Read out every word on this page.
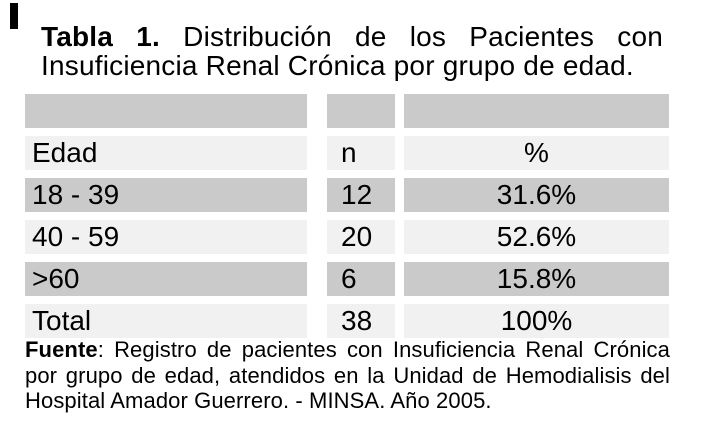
Tabla 1. Distribución de los Pacientes con
Insuficiencia Renal Crónica por grupo de edad.
Edad	n	%
18 - 39	12	31.6%
40 - 59	20	52.6%
>60	6	15.8%
Total	38	100%
Fuente: Registro de pacientes con Insuficiencia Renal Crónica
por grupo de edad, atendidos en la Unidad de Hemodialisis del
Hospital Amador Guerrero. - MINSA. Año 2005.
